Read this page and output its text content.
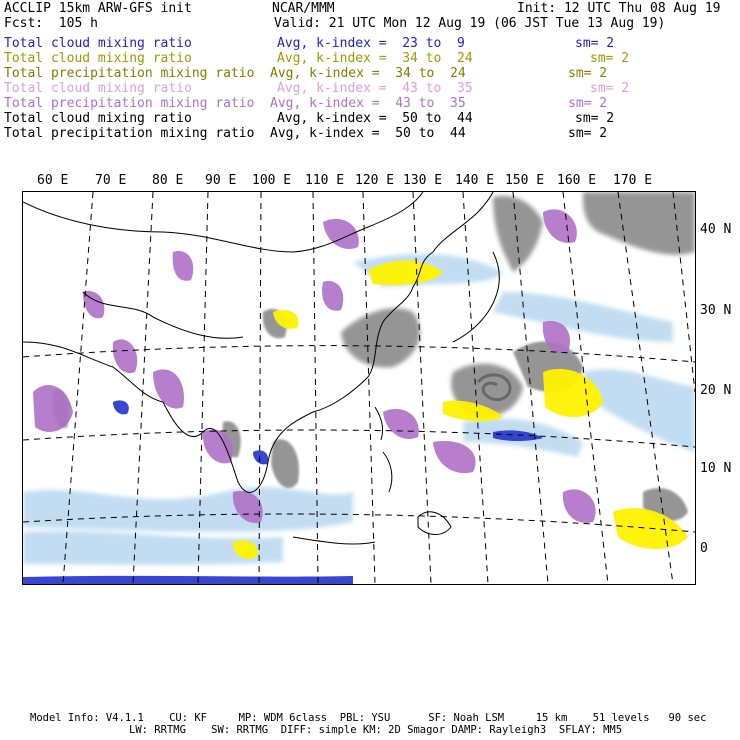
ACCLIP 15km ARW-GFS init	NCAR/MMM	Init: 12 UTC Thu 08 Aug 19
Fcst:  105 h	Valid: 21 UTC Mon 12 Aug 19 (06 JST Tue 13 Aug 19)
Total cloud mixing ratio	Avg, k-index =  23 to  9	sm= 2
Total cloud mixing ratio	Avg, k-index =  34 to  24	sm= 2
Total precipitation mixing ratio Avg, k-index =  34 to  24	sm= 2
Total cloud mixing ratio	Avg, k-index =  43 to  35	sm= 2
Total precipitation mixing ratio Avg, k-index =  43 to  35	sm= 2
Total cloud mixing ratio	Avg, k-index =  50 to  44	sm= 2
Total precipitation mixing ratio Avg, k-index =  50 to  44	sm= 2
60 E 70 E 80 E 90 E 100 E 110 E 120 E 130 E 140 E 150 E 160 E 170 E
40 N
30 N
20 N
10 N
0
Model Info: V4.1.1    CU: KF     MP: WDM 6class  PBL: YSU      SF: Noah LSM     15 km    51 levels   90 sec
LW: RRTMG    SW: RRTMG  DIFF: simple KM: 2D Smagor DAMP: Rayleigh3  SFLAY: MM5
